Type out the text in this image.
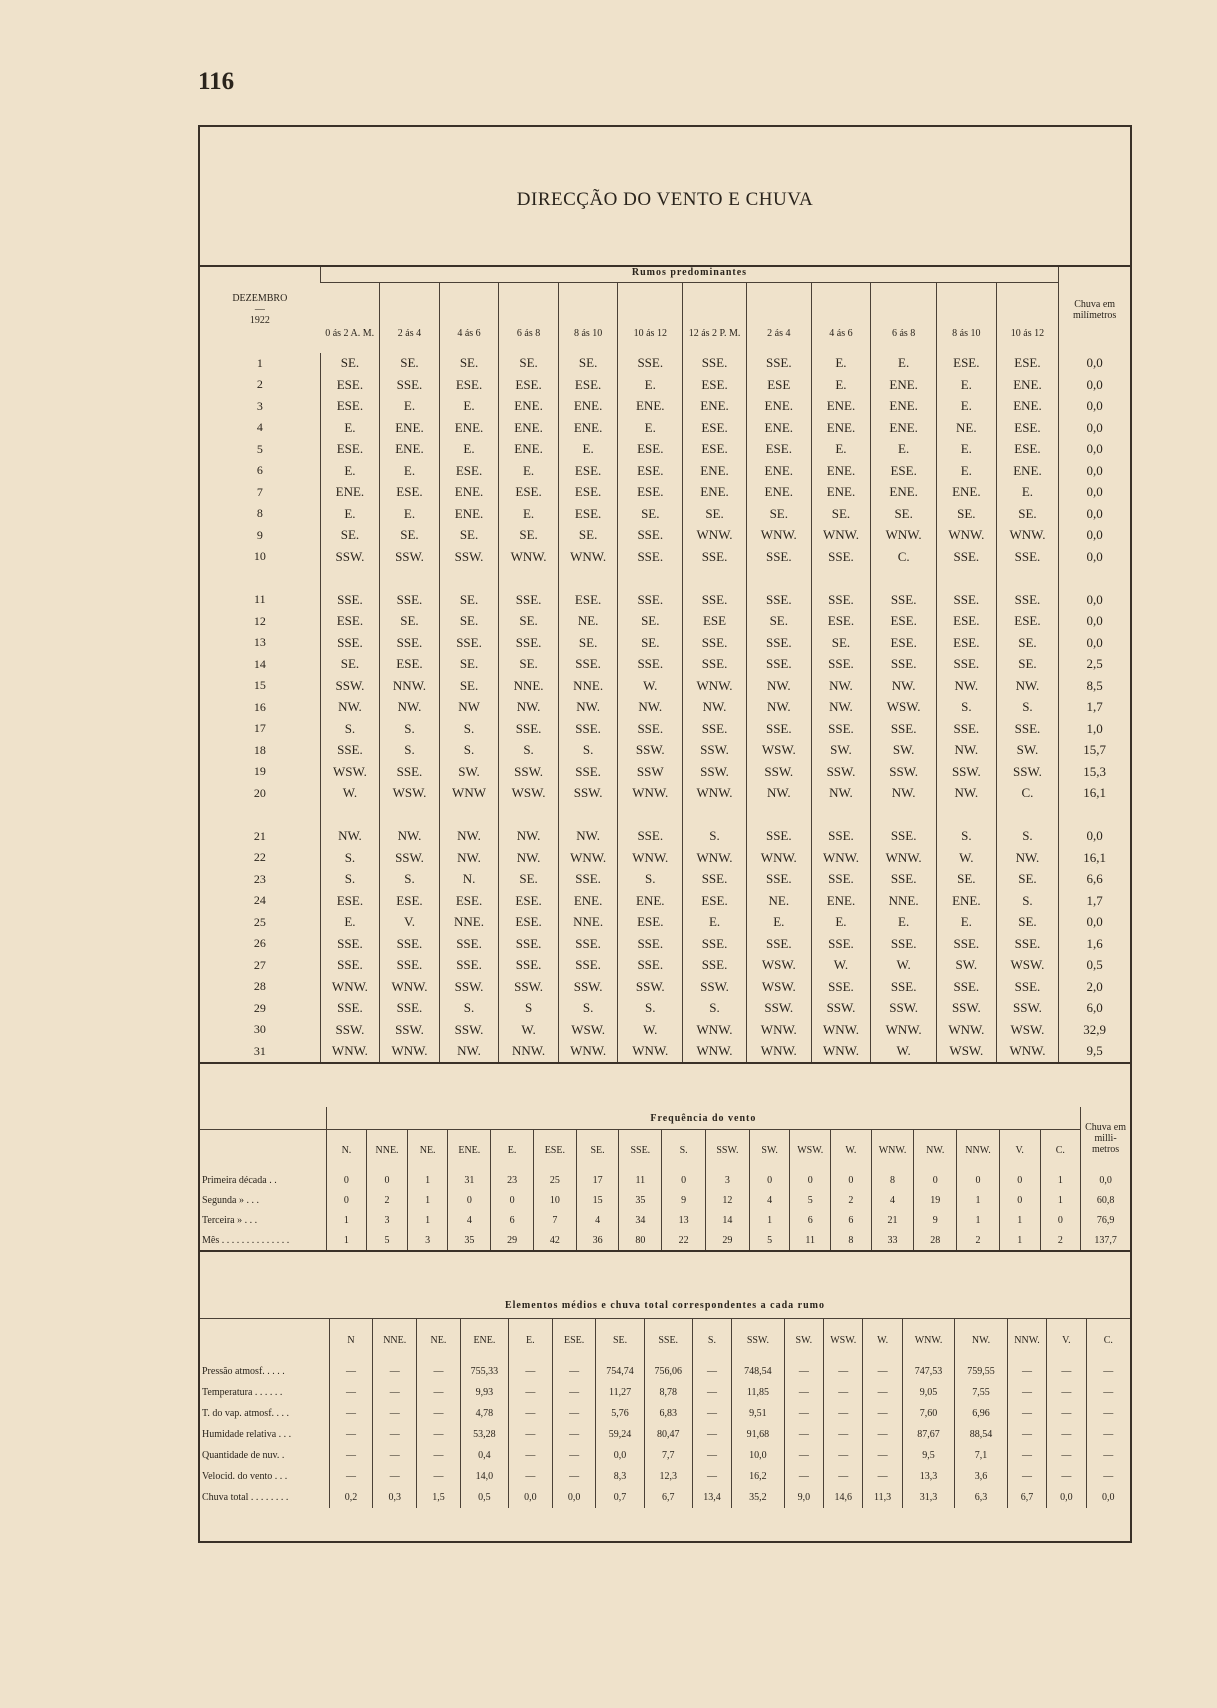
116
DIRECÇÃO DO VENTO E CHUVA
DEZEMBRO
—
1922	Rumos predominantes												Chuva em milímetros
	0 ás 2 A. M.	2 ás 4	4 ás 6	6 ás 8	8 ás 10	10 ás 12	12 ás 2 P. M.	2 ás 4	4 ás 6	6 ás 8	8 ás 10	10 ás 12	
1	SE.	SE.	SE.	SE.	SE.	SSE.	SSE.	SSE.	E.	E.	ESE.	ESE.	0,0
2	ESE.	SSE.	ESE.	ESE.	ESE.	E.	ESE.	ESE	E.	ENE.	E.	ENE.	0,0
3	ESE.	E.	E.	ENE.	ENE.	ENE.	ENE.	ENE.	ENE.	ENE.	E.	ENE.	0,0
4	E.	ENE.	ENE.	ENE.	ENE.	E.	ESE.	ENE.	ENE.	ENE.	NE.	ESE.	0,0
5	ESE.	ENE.	E.	ENE.	E.	ESE.	ESE.	ESE.	E.	E.	E.	ESE.	0,0
6	E.	E.	ESE.	E.	ESE.	ESE.	ENE.	ENE.	ENE.	ESE.	E.	ENE.	0,0
7	ENE.	ESE.	ENE.	ESE.	ESE.	ESE.	ENE.	ENE.	ENE.	ENE.	ENE.	E.	0,0
8	E.	E.	ENE.	E.	ESE.	SE.	SE.	SE.	SE.	SE.	SE.	SE.	0,0
9	SE.	SE.	SE.	SE.	SE.	SSE.	WNW.	WNW.	WNW.	WNW.	WNW.	WNW.	0,0
10	SSW.	SSW.	SSW.	WNW.	WNW.	SSE.	SSE.	SSE.	SSE.	C.	SSE.	SSE.	0,0

11	SSE.	SSE.	SE.	SSE.	ESE.	SSE.	SSE.	SSE.	SSE.	SSE.	SSE.	SSE.	0,0
12	ESE.	SE.	SE.	SE.	NE.	SE.	ESE	SE.	ESE.	ESE.	ESE.	ESE.	0,0
13	SSE.	SSE.	SSE.	SSE.	SE.	SE.	SSE.	SSE.	SE.	ESE.	ESE.	SE.	0,0
14	SE.	ESE.	SE.	SE.	SSE.	SSE.	SSE.	SSE.	SSE.	SSE.	SSE.	SE.	2,5
15	SSW.	NNW.	SE.	NNE.	NNE.	W.	WNW.	NW.	NW.	NW.	NW.	NW.	8,5
16	NW.	NW.	NW	NW.	NW.	NW.	NW.	NW.	NW.	WSW.	S.	S.	1,7
17	S.	S.	S.	SSE.	SSE.	SSE.	SSE.	SSE.	SSE.	SSE.	SSE.	SSE.	1,0
18	SSE.	S.	S.	S.	S.	SSW.	SSW.	WSW.	SW.	SW.	NW.	SW.	15,7
19	WSW.	SSE.	SW.	SSW.	SSE.	SSW	SSW.	SSW.	SSW.	SSW.	SSW.	SSW.	15,3
20	W.	WSW.	WNW	WSW.	SSW.	WNW.	WNW.	NW.	NW.	NW.	NW.	C.	16,1

21	NW.	NW.	NW.	NW.	NW.	SSE.	S.	SSE.	SSE.	SSE.	S.	S.	0,0
22	S.	SSW.	NW.	NW.	WNW.	WNW.	WNW.	WNW.	WNW.	WNW.	W.	NW.	16,1
23	S.	S.	N.	SE.	SSE.	S.	SSE.	SSE.	SSE.	SSE.	SE.	SE.	6,6
24	ESE.	ESE.	ESE.	ESE.	ENE.	ENE.	ESE.	NE.	ENE.	NNE.	ENE.	S.	1,7
25	E.	V.	NNE.	ESE.	NNE.	ESE.	E.	E.	E.	E.	E.	SE.	0,0
26	SSE.	SSE.	SSE.	SSE.	SSE.	SSE.	SSE.	SSE.	SSE.	SSE.	SSE.	SSE.	1,6
27	SSE.	SSE.	SSE.	SSE.	SSE.	SSE.	SSE.	WSW.	W.	W.	SW.	WSW.	0,5
28	WNW.	WNW.	SSW.	SSW.	SSW.	SSW.	SSW.	WSW.	SSE.	SSE.	SSE.	SSE.	2,0
29	SSE.	SSE.	S.	S	S.	S.	S.	SSW.	SSW.	SSW.	SSW.	SSW.	6,0
30	SSW.	SSW.	SSW.	W.	WSW.	W.	WNW.	WNW.	WNW.	WNW.	WNW.	WSW.	32,9
31	WNW.	WNW.	NW.	NNW.	WNW.	WNW.	WNW.	WNW.	WNW.	W.	WSW.	WNW.	9,5
	Frequência do vento																		Chuva em milli-metros
	N.	NNE.	NE.	ENE.	E.	ESE.	SE.	SSE.	S.	SSW.	SW.	WSW.	W.	WNW.	NW.	NNW.	V.	C.	
Primeira década . .	0	0	1	31	23	25	17	11	0	3	0	0	0	8	0	0	0	1	0,0
Segunda » . . .	0	2	1	0	0	10	15	35	9	12	4	5	2	4	19	1	0	1	60,8
Terceira » . . .	1	3	1	4	6	7	4	34	13	14	1	6	6	21	9	1	1	0	76,9
Mês . . . . . . . . . . . . . .	1	5	3	35	29	42	36	80	22	29	5	11	8	33	28	2	1	2	137,7
Elementos médios e chuva total correspondentes a cada rumo																		
	N	NNE.	NE.	ENE.	E.	ESE.	SE.	SSE.	S.	SSW.	SW.	WSW.	W.	WNW.	NW.	NNW.	V.	C.
Pressão atmosf. . . . .	—	—	—	755,33	—	—	754,74	756,06	—	748,54	—	—	—	747,53	759,55	—	—	—
Temperatura . . . . . .	—	—	—	9,93	—	—	11,27	8,78	—	11,85	—	—	—	9,05	7,55	—	—	—
T. do vap. atmosf. . . .	—	—	—	4,78	—	—	5,76	6,83	—	9,51	—	—	—	7,60	6,96	—	—	—
Humidade relativa . . .	—	—	—	53,28	—	—	59,24	80,47	—	91,68	—	—	—	87,67	88,54	—	—	—
Quantidade de nuv. .	—	—	—	0,4	—	—	0,0	7,7	—	10,0	—	—	—	9,5	7,1	—	—	—
Velocid. do vento . . .	—	—	—	14,0	—	—	8,3	12,3	—	16,2	—	—	—	13,3	3,6	—	—	—
Chuva total . . . . . . . .	0,2	0,3	1,5	0,5	0,0	0,0	0,7	6,7	13,4	35,2	9,0	14,6	11,3	31,3	6,3	6,7	0,0	0,0
